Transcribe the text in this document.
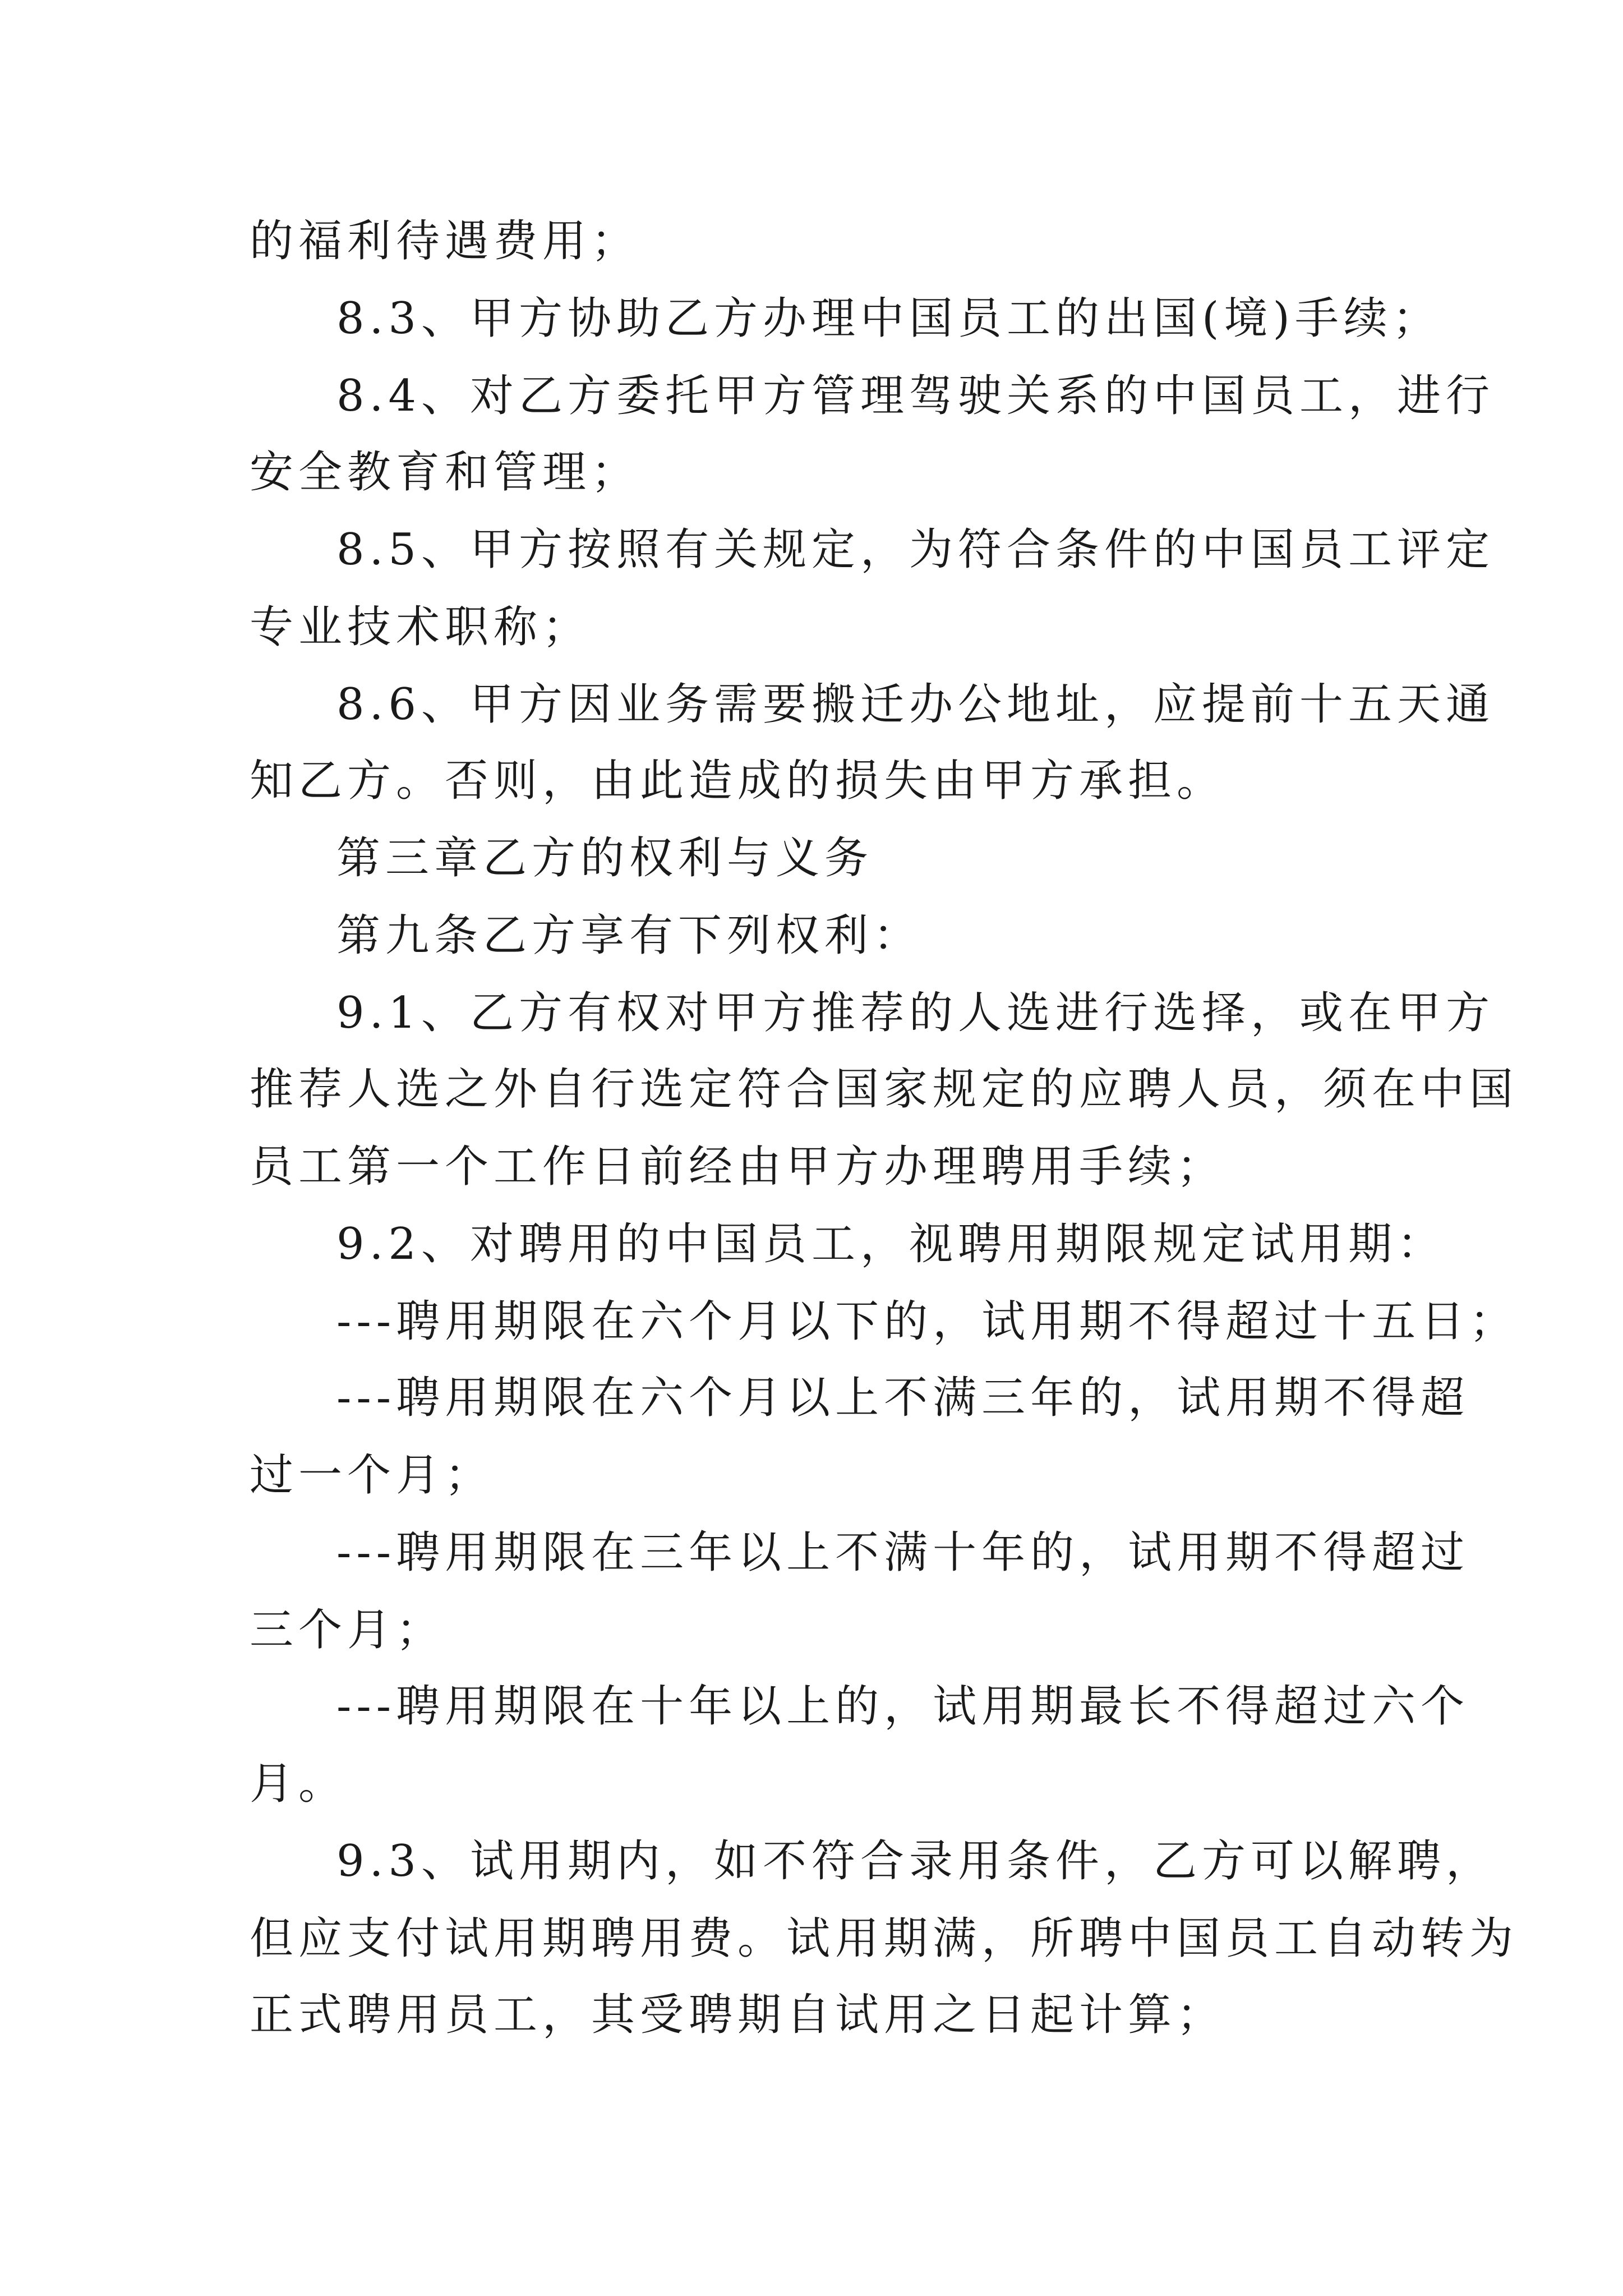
的福利待遇费用；
8.3、甲方协助乙方办理中国员工的出国(境)手续；
8.4、对乙方委托甲方管理驾驶关系的中国员工，进行
安全教育和管理；
8.5、甲方按照有关规定，为符合条件的中国员工评定
专业技术职称；
8.6、甲方因业务需要搬迁办公地址，应提前十五天通
知乙方。否则，由此造成的损失由甲方承担。
第三章乙方的权利与义务
第九条乙方享有下列权利：
9.1、乙方有权对甲方推荐的人选进行选择，或在甲方
推荐人选之外自行选定符合国家规定的应聘人员，须在中国
员工第一个工作日前经由甲方办理聘用手续；
9.2、对聘用的中国员工，视聘用期限规定试用期：
---聘用期限在六个月以下的，试用期不得超过十五日；
---聘用期限在六个月以上不满三年的，试用期不得超
过一个月；
---聘用期限在三年以上不满十年的，试用期不得超过
三个月；
---聘用期限在十年以上的，试用期最长不得超过六个
月。
9.3、试用期内，如不符合录用条件，乙方可以解聘，
但应支付试用期聘用费。试用期满，所聘中国员工自动转为
正式聘用员工，其受聘期自试用之日起计算；
